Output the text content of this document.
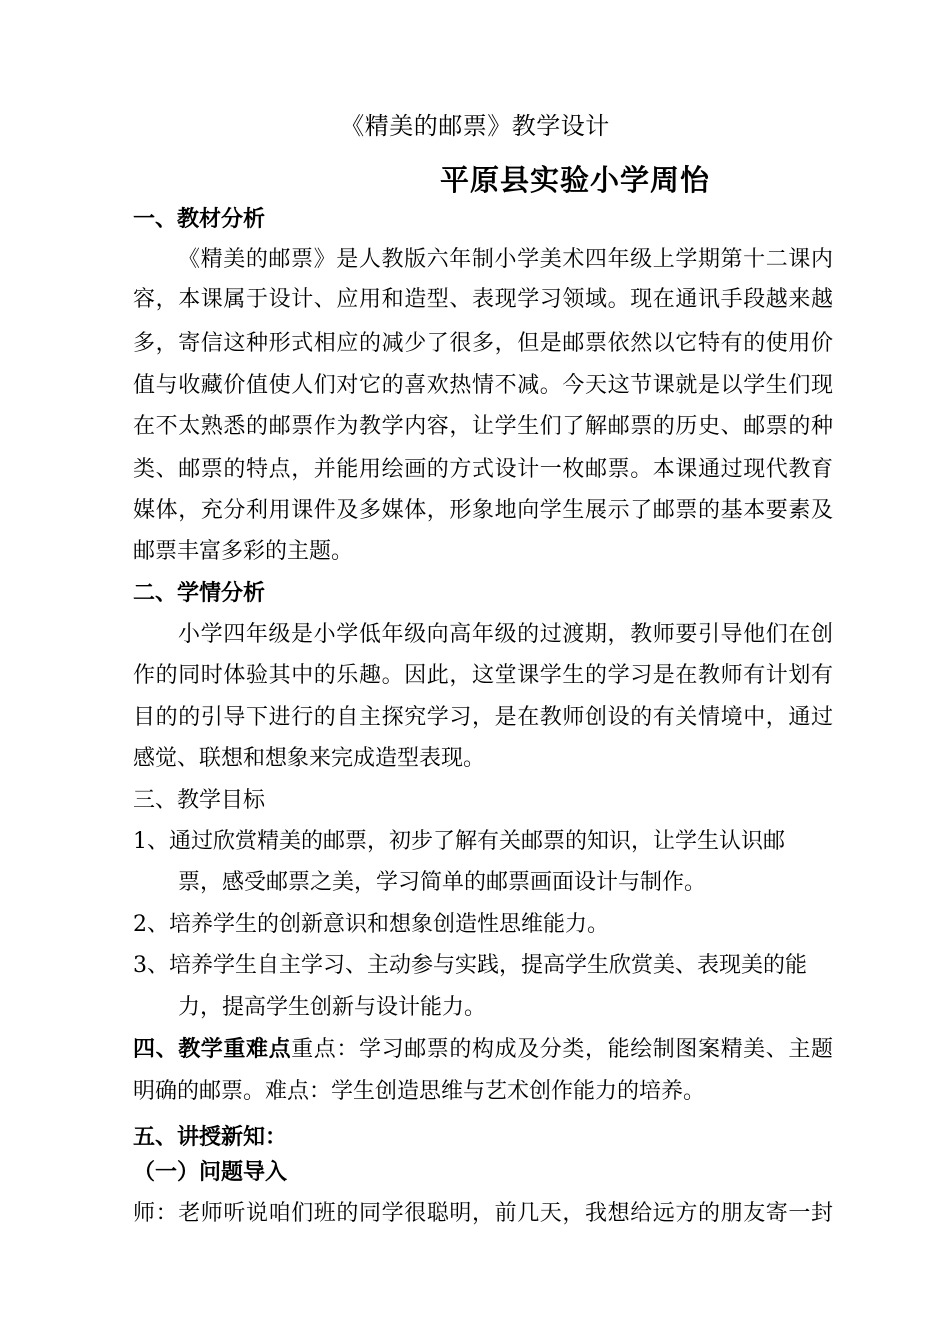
《精美的邮票》教学设计
平原县实验小学周怡
一、教材分析
《精美的邮票》是人教版六年制小学美术四年级上学期第十二课内
容，本课属于设计、应用和造型、表现学习领域。现在通讯手段越来越
多，寄信这种形式相应的减少了很多，但是邮票依然以它特有的使用价
值与收藏价值使人们对它的喜欢热情不减。今天这节课就是以学生们现
在不太熟悉的邮票作为教学内容，让学生们了解邮票的历史、邮票的种
类、邮票的特点，并能用绘画的方式设计一枚邮票。本课通过现代教育
媒体，充分利用课件及多媒体，形象地向学生展示了邮票的基本要素及
邮票丰富多彩的主题。
二、学情分析
小学四年级是小学低年级向高年级的过渡期，教师要引导他们在创
作的同时体验其中的乐趣。因此，这堂课学生的学习是在教师有计划有
目的的引导下进行的自主探究学习，是在教师创设的有关情境中，通过
感觉、联想和想象来完成造型表现。
三、教学目标
1、通过欣赏精美的邮票，初步了解有关邮票的知识，让学生认识邮
票，感受邮票之美，学习简单的邮票画面设计与制作。
2、培养学生的创新意识和想象创造性思维能力。
3、培养学生自主学习、主动参与实践，提高学生欣赏美、表现美的能
力，提高学生创新与设计能力。
四、教学重难点重点：学习邮票的构成及分类，能绘制图案精美、主题
明确的邮票。难点：学生创造思维与艺术创作能力的培养。
五、讲授新知：
（一）问题导入
师：老师听说咱们班的同学很聪明，前几天，我想给远方的朋友寄一封
